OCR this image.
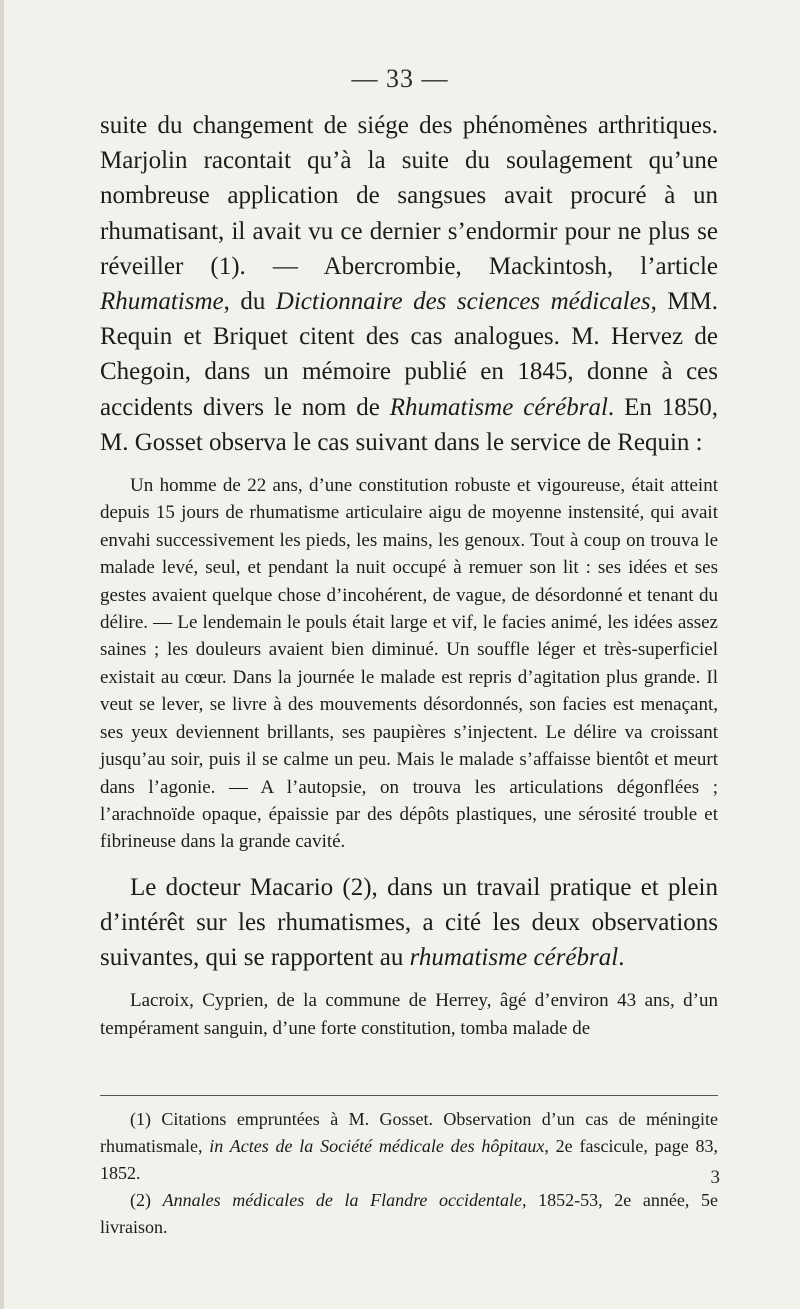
— 33 —

suite du changement de siége des phénomènes arthritiques. Marjolin racontait qu’à la suite du soulagement qu’une nombreuse application de sangsues avait procuré à un rhumatisant, il avait vu ce dernier s’endormir pour ne plus se réveiller (1). — Abercrombie, Mackintosh, l’article Rhumatisme, du Dictionnaire des sciences médicales, MM. Requin et Briquet citent des cas analogues. M. Hervez de Chegoin, dans un mémoire publié en 1845, donne à ces accidents divers le nom de Rhumatisme cérébral. En 1850, M. Gosset observa le cas suivant dans le service de Requin :

Un homme de 22 ans, d’une constitution robuste et vigoureuse, était atteint depuis 15 jours de rhumatisme articulaire aigu de moyenne instensité, qui avait envahi successivement les pieds, les mains, les genoux. Tout à coup on trouva le malade levé, seul, et pendant la nuit occupé à remuer son lit : ses idées et ses gestes avaient quelque chose d’incohérent, de vague, de désordonné et tenant du délire. — Le lendemain le pouls était large et vif, le facies animé, les idées assez saines ; les douleurs avaient bien diminué. Un souffle léger et très-superficiel existait au cœur. Dans la journée le malade est repris d’agitation plus grande. Il veut se lever, se livre à des mouvements désordonnés, son facies est menaçant, ses yeux deviennent brillants, ses paupières s’injectent. Le délire va croissant jusqu’au soir, puis il se calme un peu. Mais le malade s’affaisse bientôt et meurt dans l’agonie. — A l’autopsie, on trouva les articulations dégonflées ; l’arachnoïde opaque, épaissie par des dépôts plastiques, une sérosité trouble et fibrineuse dans la grande cavité.

Le docteur Macario (2), dans un travail pratique et plein d’intérêt sur les rhumatismes, a cité les deux observations suivantes, qui se rapportent au rhumatisme cérébral.

Lacroix, Cyprien, de la commune de Herrey, âgé d’environ 43 ans, d’un tempérament sanguin, d’une forte constitution, tomba malade de

(1) Citations empruntées à M. Gosset. Observation d’un cas de méningite rhumatismale, in Actes de la Société médicale des hôpitaux, 2e fascicule, page 83, 1852.

(2) Annales médicales de la Flandre occidentale, 1852-53, 2e année, 5e livraison.

3
